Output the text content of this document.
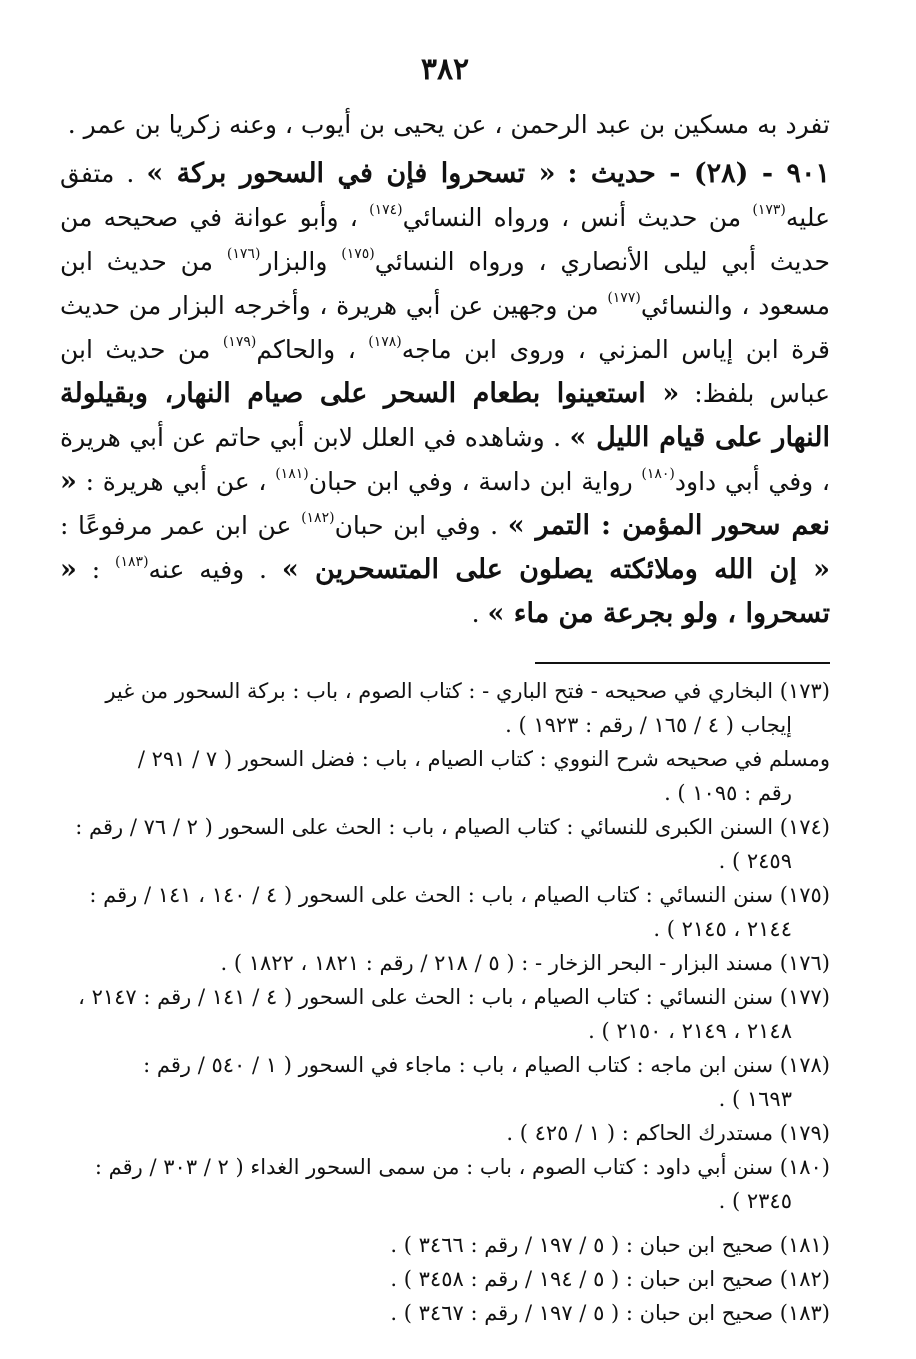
٣٨٢

تفرد به مسكين بن عبد الرحمن ، عن يحيى بن أيوب ، وعنه زكريا بن عمر .

٩٠١ - (٢٨) - حديث : « تسحروا فإن في السحور بركة » . متفق عليه$^{(١٧٣)}$ من حديث أنس ، ورواه النسائي$^{(١٧٤)}$ ، وأبو عوانة في صحيحه من حديث أبي ليلى الأنصاري ، ورواه النسائي$^{(١٧٥)}$ والبزار$^{(١٧٦)}$ من حديث ابن مسعود ، والنسائي$^{(١٧٧)}$ من وجهين عن أبي هريرة ، وأخرجه البزار من حديث قرة ابن إياس المزني ، وروى ابن ماجه$^{(١٧٨)}$ ، والحاكم$^{(١٧٩)}$ من حديث ابن عباس بلفظ: « استعينوا بطعام السحر على صيام النهار، وبقيلولة النهار على قيام الليل » . وشاهده في العلل لابن أبي حاتم عن أبي هريرة ، وفي أبي داود$^{(١٨٠)}$ رواية ابن داسة ، وفي ابن حبان$^{(١٨١)}$ ، عن أبي هريرة : « نعم سحور المؤمن : التمر » . وفي ابن حبان$^{(١٨٢)}$ عن ابن عمر مرفوعًا : « إن الله وملائكته يصلون على المتسحرين » . وفيه عنه$^{(١٨٣)}$ : « تسحروا ، ولو بجرعة من ماء » .

(١٧٣) البخاري في صحيحه - فتح الباري - : كتاب الصوم ، باب : بركة السحور من غير
إيجاب ( ٤ / ١٦٥ / رقم : ١٩٢٣ ) .
ومسلم في صحيحه شرح النووي : كتاب الصيام ، باب : فضل السحور ( ٧ / ٢٩١ /
رقم : ١٠٩٥ ) .
(١٧٤) السنن الكبرى للنسائي : كتاب الصيام ، باب : الحث على السحور ( ٢ / ٧٦ / رقم :
٢٤٥٩ ) .
(١٧٥) سنن النسائي : كتاب الصيام ، باب : الحث على السحور ( ٤ / ١٤٠ ، ١٤١ / رقم :
٢١٤٤ ، ٢١٤٥ ) .
(١٧٦) مسند البزار - البحر الزخار - : ( ٥ / ٢١٨ / رقم : ١٨٢١ ، ١٨٢٢ ) .
(١٧٧) سنن النسائي : كتاب الصيام ، باب : الحث على السحور ( ٤ / ١٤١ / رقم : ٢١٤٧ ،
٢١٤٨ ، ٢١٤٩ ، ٢١٥٠ ) .
(١٧٨) سنن ابن ماجه : كتاب الصيام ، باب : ماجاء في السحور ( ١ / ٥٤٠ / رقم :
١٦٩٣ ) .
(١٧٩) مستدرك الحاكم : ( ١ / ٤٢٥ ) .
(١٨٠) سنن أبي داود : كتاب الصوم ، باب : من سمى السحور الغداء ( ٢ / ٣٠٣ / رقم :
٢٣٤٥ ) .
(١٨١) صحيح ابن حبان : ( ٥ / ١٩٧ / رقم : ٣٤٦٦ ) .
(١٨٢) صحيح ابن حبان : ( ٥ / ١٩٤ / رقم : ٣٤٥٨ ) .
(١٨٣) صحيح ابن حبان : ( ٥ / ١٩٧ / رقم : ٣٤٦٧ ) .
